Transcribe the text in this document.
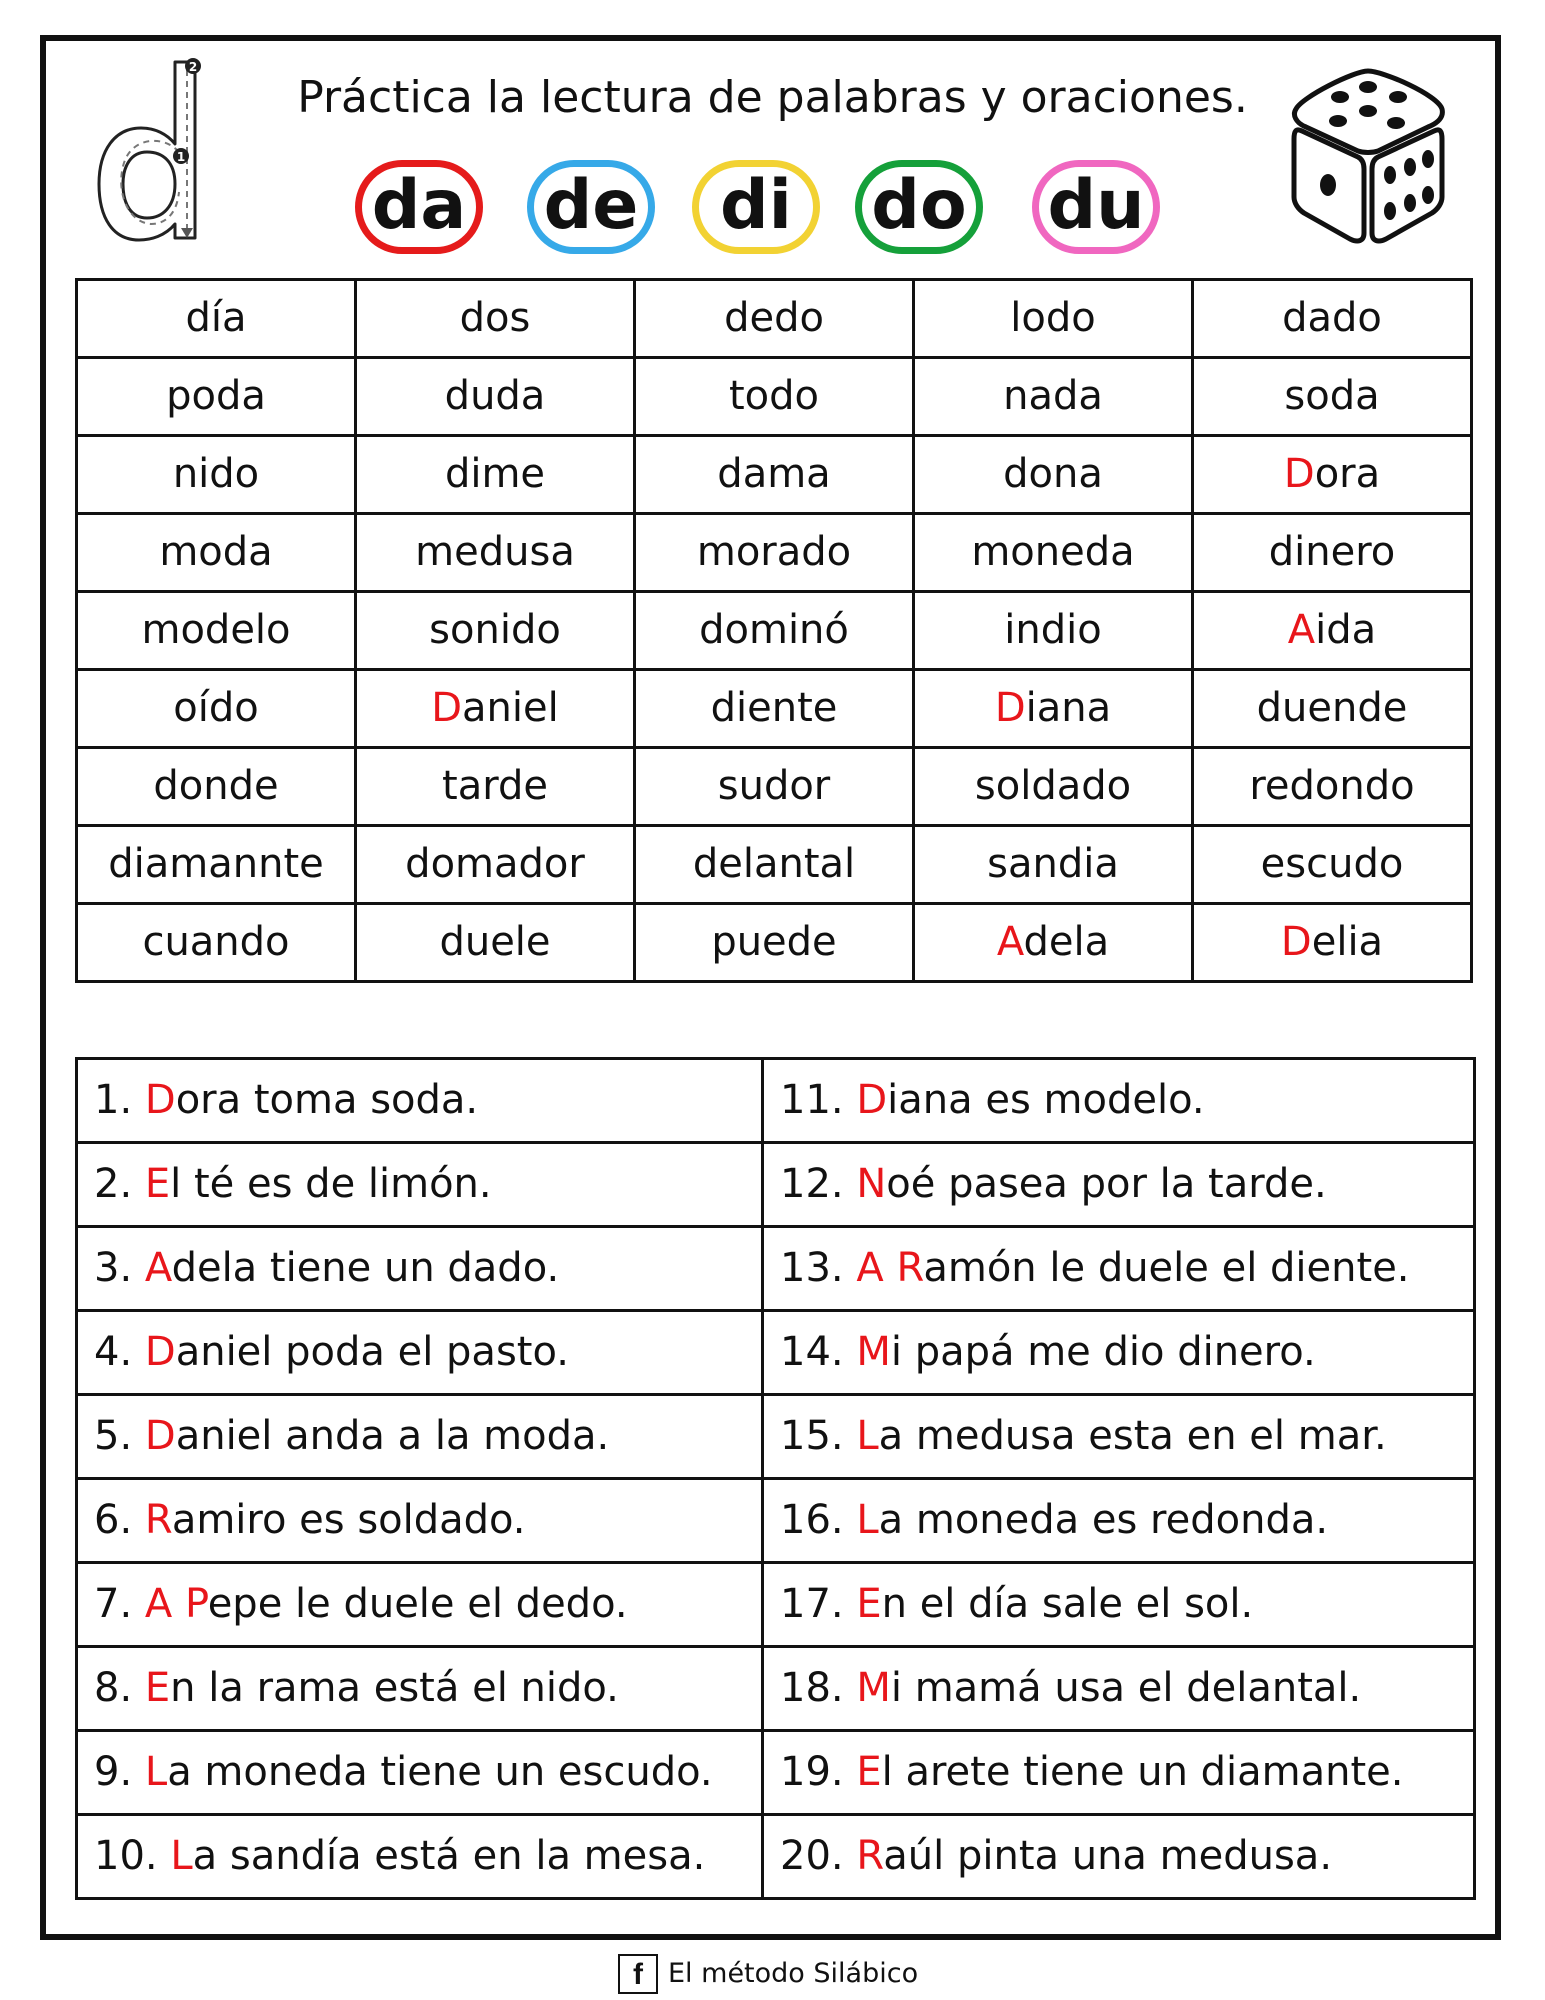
2
1
Práctica la lectura de palabras y oraciones.
da de	di	do du
día	dos	dedo	lodo	dado
poda	duda	todo	nada	soda
nido	dime	dama	dona	Dora
moda	medusa	morado	moneda	dinero
modelo	sonido	dominó	indio	Aida
oído	Daniel	diente	Diana	duende
donde	tarde	sudor	soldado	redondo
diamannte	domador	delantal	sandia	escudo
cuando	duele	puede	Adela	Delia
1. Dora toma soda.	11. Diana es modelo.
2. El té es de limón.	12. Noé pasea por la tarde.
3. Adela tiene un dado.	13. A Ramón le duele el diente.
4. Daniel poda el pasto.	14. Mi papá me dio dinero.
5. Daniel anda a la moda.	15. La medusa esta en el mar.
6. Ramiro es soldado.	16. La moneda es redonda.
7. A Pepe le duele el dedo.	17. En el día sale el sol.
8. En la rama está el nido.	18. Mi mamá usa el delantal.
9. La moneda tiene un escudo.	19. El arete tiene un diamante.
10. La sandía está en la mesa.	20. Raúl pinta una medusa.
f El método Silábico
